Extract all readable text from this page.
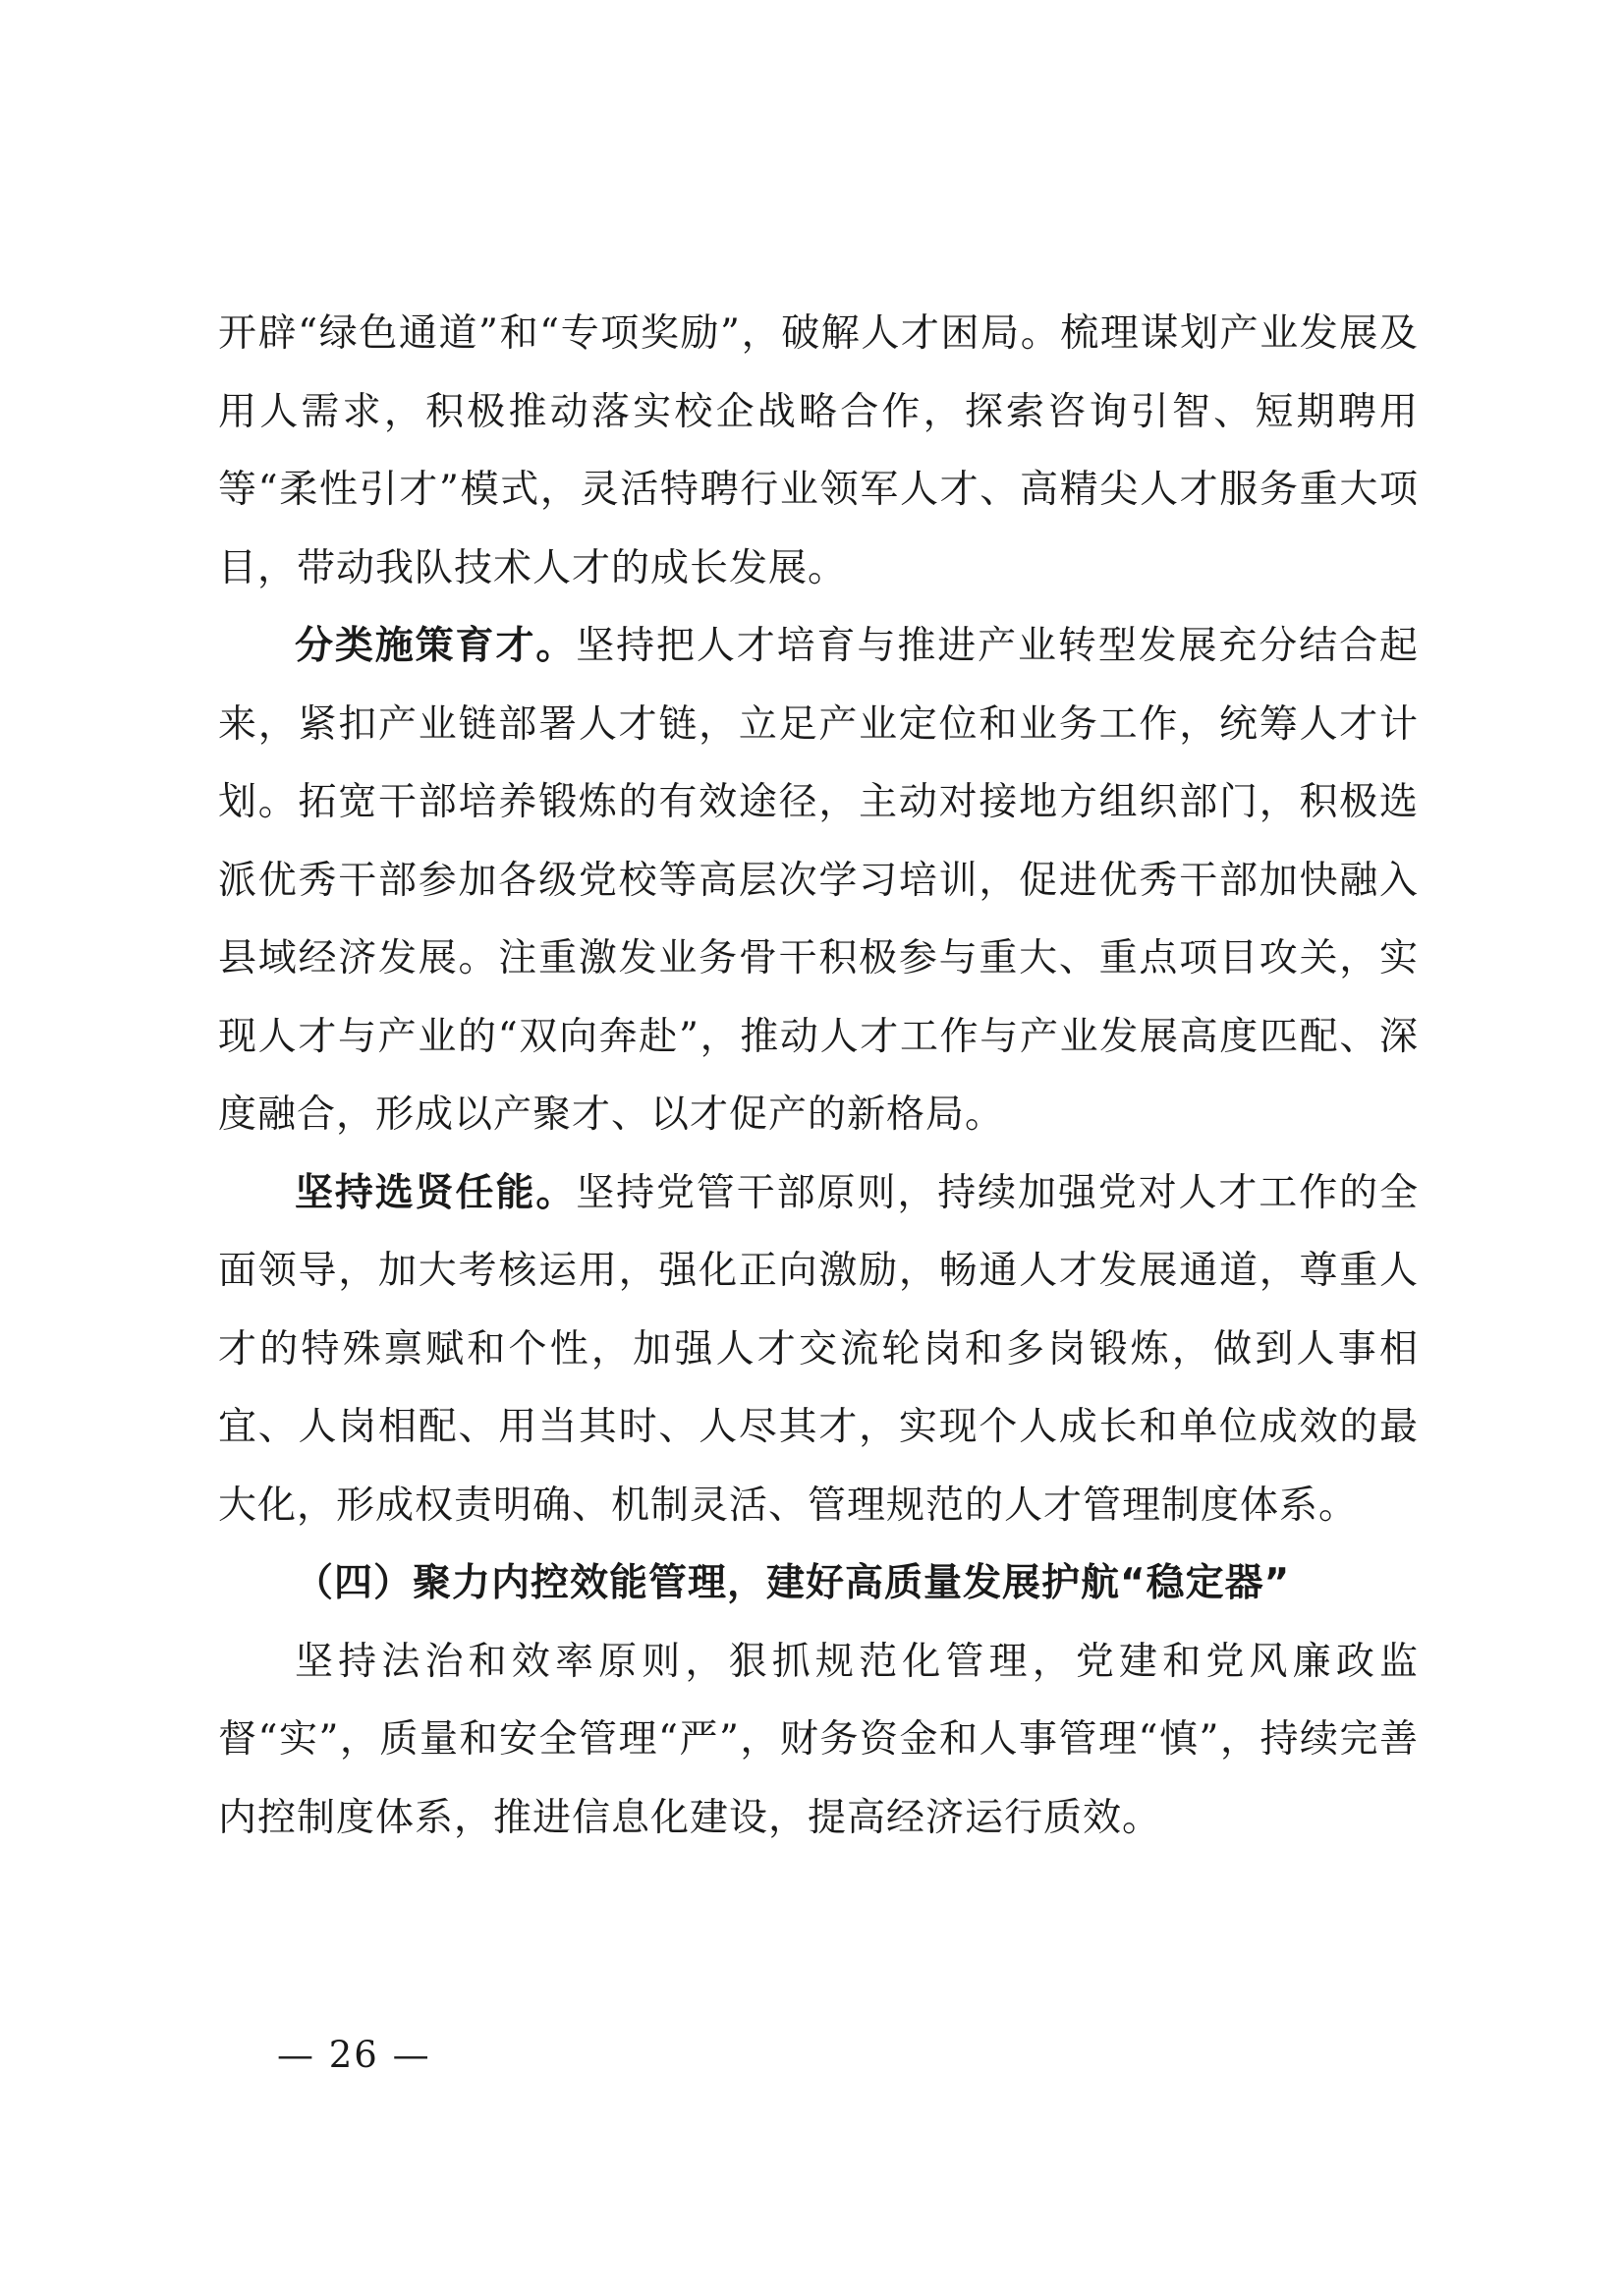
开辟“绿色通道”和“专项奖励”，破解人才困局。梳理谋划产业发展及用人需求，积极推动落实校企战略合作，探索咨询引智、短期聘用等“柔性引才”模式，灵活特聘行业领军人才、高精尖人才服务重大项目，带动我队技术人才的成长发展。

分类施策育才。坚持把人才培育与推进产业转型发展充分结合起来，紧扣产业链部署人才链，立足产业定位和业务工作，统筹人才计划。拓宽干部培养锻炼的有效途径，主动对接地方组织部门，积极选派优秀干部参加各级党校等高层次学习培训，促进优秀干部加快融入县域经济发展。注重激发业务骨干积极参与重大、重点项目攻关，实现人才与产业的“双向奔赴”，推动人才工作与产业发展高度匹配、深度融合，形成以产聚才、以才促产的新格局。

坚持选贤任能。坚持党管干部原则，持续加强党对人才工作的全面领导，加大考核运用，强化正向激励，畅通人才发展通道，尊重人才的特殊禀赋和个性，加强人才交流轮岗和多岗锻炼，做到人事相宜、人岗相配、用当其时、人尽其才，实现个人成长和单位成效的最大化，形成权责明确、机制灵活、管理规范的人才管理制度体系。

（四）聚力内控效能管理，建好高质量发展护航“稳定器”

坚持法治和效率原则，狠抓规范化管理，党建和党风廉政监督“实”，质量和安全管理“严”，财务资金和人事管理“慎”，持续完善内控制度体系，推进信息化建设，提高经济运行质效。

— 26 —
